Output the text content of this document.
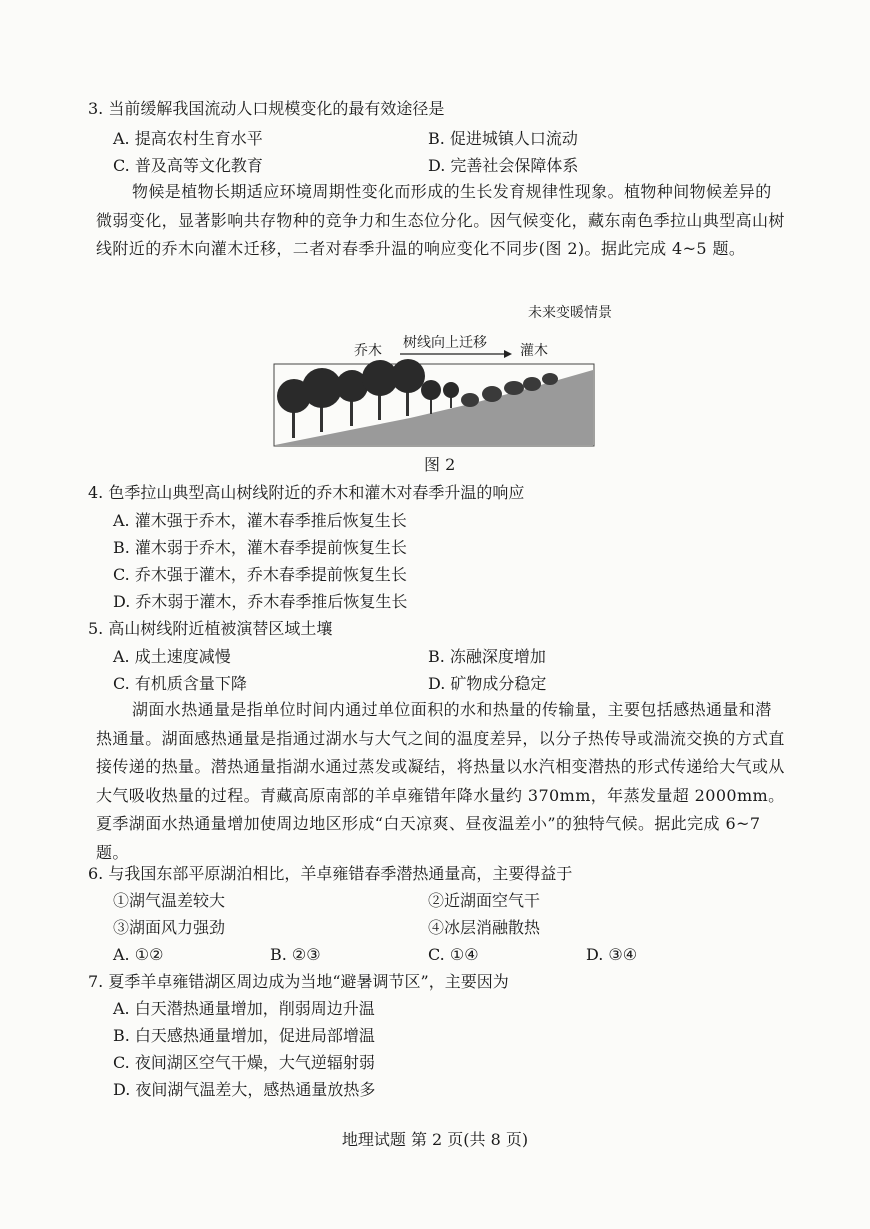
3. 当前缓解我国流动人口规模变化的最有效途径是
A. 提高农村生育水平	B. 促进城镇人口流动
C. 普及高等文化教育	D. 完善社会保障体系
物候是植物长期适应环境周期性变化而形成的生长发育规律性现象。植物种间物候差异的微弱变化，显著影响共存物种的竞争力和生态位分化。因气候变化，藏东南色季拉山典型高山树线附近的乔木向灌木迁移，二者对春季升温的响应变化不同步(图 2)。据此完成 4~5 题。
未来变暖情景
乔木 树线向上迁移 灌木
图 2
4. 色季拉山典型高山树线附近的乔木和灌木对春季升温的响应
A. 灌木强于乔木，灌木春季推后恢复生长
B. 灌木弱于乔木，灌木春季提前恢复生长
C. 乔木强于灌木，乔木春季提前恢复生长
D. 乔木弱于灌木，乔木春季推后恢复生长
5. 高山树线附近植被演替区域土壤
A. 成土速度减慢	B. 冻融深度增加
C. 有机质含量下降	D. 矿物成分稳定
湖面水热通量是指单位时间内通过单位面积的水和热量的传输量，主要包括感热通量和潜热通量。湖面感热通量是指通过湖水与大气之间的温度差异，以分子热传导或湍流交换的方式直接传递的热量。潜热通量指湖水通过蒸发或凝结，将热量以水汽相变潜热的形式传递给大气或从大气吸收热量的过程。青藏高原南部的羊卓雍错年降水量约 370mm，年蒸发量超 2000mm。夏季湖面水热通量增加使周边地区形成“白天凉爽、昼夜温差小”的独特气候。据此完成 6~7 题。
6. 与我国东部平原湖泊相比，羊卓雍错春季潜热通量高，主要得益于
①湖气温差较大	②近湖面空气干
③湖面风力强劲	④冰层消融散热
A. ①②	B. ②③	C. ①④	D. ③④
7. 夏季羊卓雍错湖区周边成为当地“避暑调节区”，主要因为
A. 白天潜热通量增加，削弱周边升温
B. 白天感热通量增加，促进局部增温
C. 夜间湖区空气干燥，大气逆辐射弱
D. 夜间湖气温差大，感热通量放热多
地理试题 第 2 页(共 8 页)
